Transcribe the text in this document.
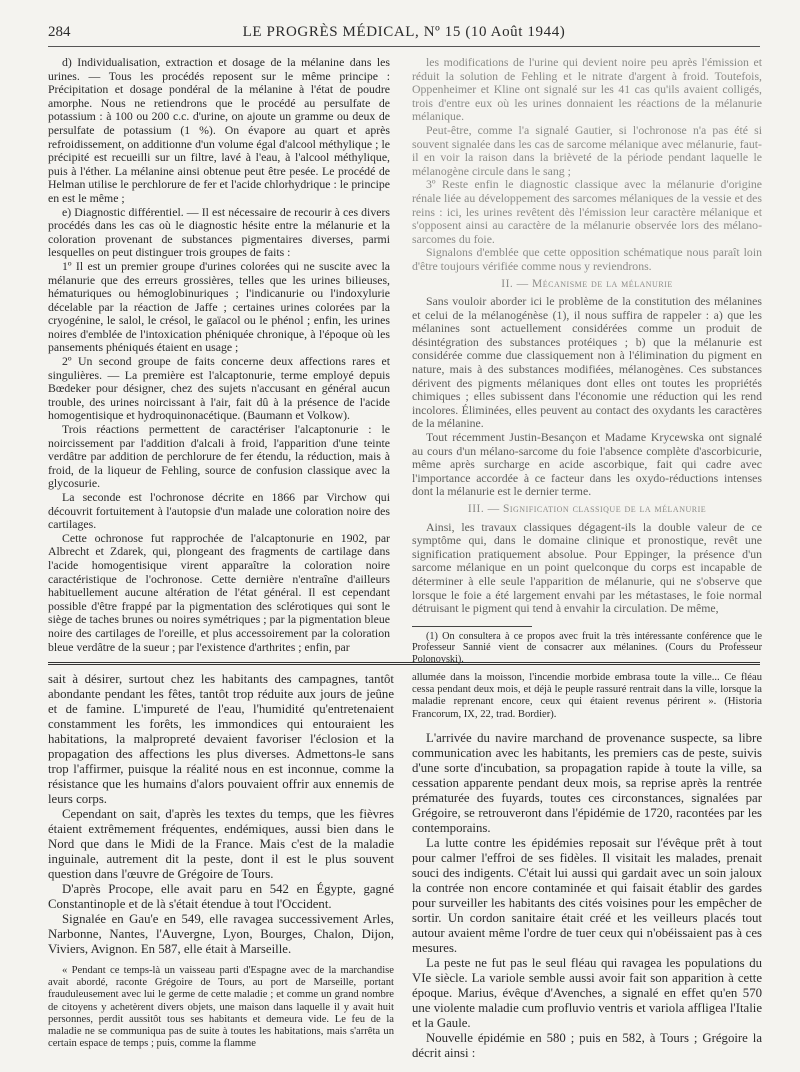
284	LE PROGRÈS MÉDICAL, Nº 15 (10 Août 1944)

d) Individualisation, extraction et dosage de la mélanine dans les urines. — Tous les procédés reposent sur le même principe : Précipitation et dosage pondéral de la mélanine à l'état de poudre amorphe. Nous ne retiendrons que le procédé au persulfate de potassium : à 100 ou 200 c.c. d'urine, on ajoute un gramme ou deux de persulfate de potassium (1 %). On évapore au quart et après refroidissement, on additionne d'un volume égal d'alcool méthylique ; le précipité est recueilli sur un filtre, lavé à l'eau, à l'alcool méthylique, puis à l'éther. La mélanine ainsi obtenue peut être pesée. Le procédé de Helman utilise le perchlorure de fer et l'acide chlorhydrique : le principe en est le même ;

e) Diagnostic différentiel. — Il est nécessaire de recourir à ces divers procédés dans les cas où le diagnostic hésite entre la mélanurie et la coloration provenant de substances pigmentaires diverses, parmi lesquelles on peut distinguer trois groupes de faits :

1º Il est un premier groupe d'urines colorées qui ne suscite avec la mélanurie que des erreurs grossières, telles que les urines bilieuses, hématuriques ou hémoglobinuriques ; l'indicanurie ou l'indoxylurie décelable par la réaction de Jaffe ; certaines urines colorées par la cryogénine, le salol, le crésol, le gaïacol ou le phénol ; enfin, les urines noires d'emblée de l'intoxication phéniquée chronique, à l'époque où les pansements phéniqués étaient en usage ;

2º Un second groupe de faits concerne deux affections rares et singulières. — La première est l'alcaptonurie, terme employé depuis Bœdeker pour désigner, chez des sujets n'accusant en général aucun trouble, des urines noircissant à l'air, fait dû à la présence de l'acide homogentisique et hydroquinonacétique. (Baumann et Volkow).

Trois réactions permettent de caractériser l'alcaptonurie : le noircissement par l'addition d'alcali à froid, l'apparition d'une teinte verdâtre par addition de perchlorure de fer étendu, la réduction, mais à froid, de la liqueur de Fehling, source de confusion classique avec la glycosurie.

La seconde est l'ochronose décrite en 1866 par Virchow qui découvrit fortuitement à l'autopsie d'un malade une coloration noire des cartilages.

Cette ochronose fut rapprochée de l'alcaptonurie en 1902, par Albrecht et Zdarek, qui, plongeant des fragments de cartilage dans l'acide homogentisique virent apparaître la coloration noire caractéristique de l'ochronose. Cette dernière n'entraîne d'ailleurs habituellement aucune altération de l'état général. Il est cependant possible d'être frappé par la pigmentation des sclérotiques qui sont le siège de taches brunes ou noires symétriques ; par la pigmentation bleue noire des cartilages de l'oreille, et plus accessoirement par la coloration bleue verdâtre de la sueur ; par l'existence d'arthrites ; enfin, par

les modifications de l'urine qui devient noire peu après l'émission et réduit la solution de Fehling et le nitrate d'argent à froid. Toutefois, Oppenheimer et Kline ont signalé sur les 41 cas qu'ils avaient colligés, trois d'entre eux où les urines donnaient les réactions de la mélanurie mélanique.

Peut-être, comme l'a signalé Gautier, si l'ochronose n'a pas été si souvent signalée dans les cas de sarcome mélanique avec mélanurie, faut-il en voir la raison dans la brièveté de la période pendant laquelle le mélanogène circule dans le sang ;

3º Reste enfin le diagnostic classique avec la mélanurie d'origine rénale liée au développement des sarcomes mélaniques de la vessie et des reins : ici, les urines revêtent dès l'émission leur caractère mélanique et s'opposent ainsi au caractère de la mélanurie observée lors des mélano-sarcomes du foie.

Signalons d'emblée que cette opposition schématique nous paraît loin d'être toujours vérifiée comme nous y reviendrons.

II. — Mécanisme de la mélanurie

Sans vouloir aborder ici le problème de la constitution des mélanines et celui de la mélanogénèse (1), il nous suffira de rappeler : a) que les mélanines sont actuellement considérées comme un produit de désintégration des substances protéiques ; b) que la mélanurie est considérée comme due classiquement non à l'élimination du pigment en nature, mais à des substances modifiées, mélanogènes. Ces substances dérivent des pigments mélaniques dont elles ont toutes les propriétés chimiques ; elles subissent dans l'économie une réduction qui les rend incolores. Éliminées, elles peuvent au contact des oxydants les caractères de la mélanine.

Tout récemment Justin-Besançon et Madame Krycewska ont signalé au cours d'un mélano-sarcome du foie l'absence complète d'ascorbicurie, même après surcharge en acide ascorbique, fait qui cadre avec l'importance accordée à ce facteur dans les oxydo-réductions intenses dont la mélanurie est le dernier terme.

III. — Signification classique de la mélanurie

Ainsi, les travaux classiques dégagent-ils la double valeur de ce symptôme qui, dans le domaine clinique et pronostique, revêt une signification pratiquement absolue. Pour Eppinger, la présence d'un sarcome mélanique en un point quelconque du corps est incapable de déterminer à elle seule l'apparition de mélanurie, qui ne s'observe que lorsque le foie a été largement envahi par les métastases, le foie normal détruisant le pigment qui tend à envahir la circulation. De même,

(1) On consultera à ce propos avec fruit la très intéressante conférence que le Professeur Sannié vient de consacrer aux mélanines. (Cours du Professeur Polonovski).

sait à désirer, surtout chez les habitants des campagnes, tantôt abondante pendant les fêtes, tantôt trop réduite aux jours de jeûne et de famine. L'impureté de l'eau, l'humidité qu'entretenaient constamment les forêts, les immondices qui entouraient les habitations, la malpropreté devaient favoriser l'éclosion et la propagation des affections les plus diverses. Admettons-le sans trop l'affirmer, puisque la réalité nous en est inconnue, comme la résistance que les humains d'alors pouvaient offrir aux ennemis de leurs corps.

Cependant on sait, d'après les textes du temps, que les fièvres étaient extrêmement fréquentes, endémiques, aussi bien dans le Nord que dans le Midi de la France. Mais c'est de la maladie inguinale, autrement dit la peste, dont il est le plus souvent question dans l'œuvre de Grégoire de Tours.

D'après Procope, elle avait paru en 542 en Égypte, gagné Constantinople et de là s'était étendue à tout l'Occident.

Signalée en Gau'e en 549, elle ravagea successivement Arles, Narbonne, Nantes, l'Auvergne, Lyon, Bourges, Chalon, Dijon, Viviers, Avignon. En 587, elle était à Marseille.

« Pendant ce temps-là un vaisseau parti d'Espagne avec de la marchandise avait abordé, raconte Grégoire de Tours, au port de Marseille, portant frauduleusement avec lui le germe de cette maladie ; et comme un grand nombre de citoyens y achetèrent divers objets, une maison dans laquelle il y avait huit personnes, perdit aussitôt tous ses habitants et demeura vide. Le feu de la maladie ne se communiqua pas de suite à toutes les habitations, mais s'arrêta un certain espace de temps ; puis, comme la flamme

allumée dans la moisson, l'incendie morbide embrasa toute la ville... Ce fléau cessa pendant deux mois, et déjà le peuple rassuré rentrait dans la ville, lorsque la maladie reprenant encore, ceux qui étaient revenus périrent ». (Historia Francorum, IX, 22, trad. Bordier).

L'arrivée du navire marchand de provenance suspecte, sa libre communication avec les habitants, les premiers cas de peste, suivis d'une sorte d'incubation, sa propagation rapide à toute la ville, sa cessation apparente pendant deux mois, sa reprise après la rentrée prématurée des fuyards, toutes ces circonstances, signalées par Grégoire, se retrouveront dans l'épidémie de 1720, racontées par les contemporains.

La lutte contre les épidémies reposait sur l'évêque prêt à tout pour calmer l'effroi de ses fidèles. Il visitait les malades, prenait souci des indigents. C'était lui aussi qui gardait avec un soin jaloux la contrée non encore contaminée et qui faisait établir des gardes pour surveiller les habitants des cités voisines pour les empêcher de sortir. Un cordon sanitaire était créé et les veilleurs placés tout autour avaient même l'ordre de tuer ceux qui n'obéissaient pas à ces mesures.

La peste ne fut pas le seul fléau qui ravagea les populations du VIe siècle. La variole semble aussi avoir fait son apparition à cette époque. Marius, évêque d'Avenches, a signalé en effet qu'en 570 une violente maladie cum profluvio ventris et variola affligea l'Italie et la Gaule.

Nouvelle épidémie en 580 ; puis en 582, à Tours ; Grégoire la décrit ainsi :
